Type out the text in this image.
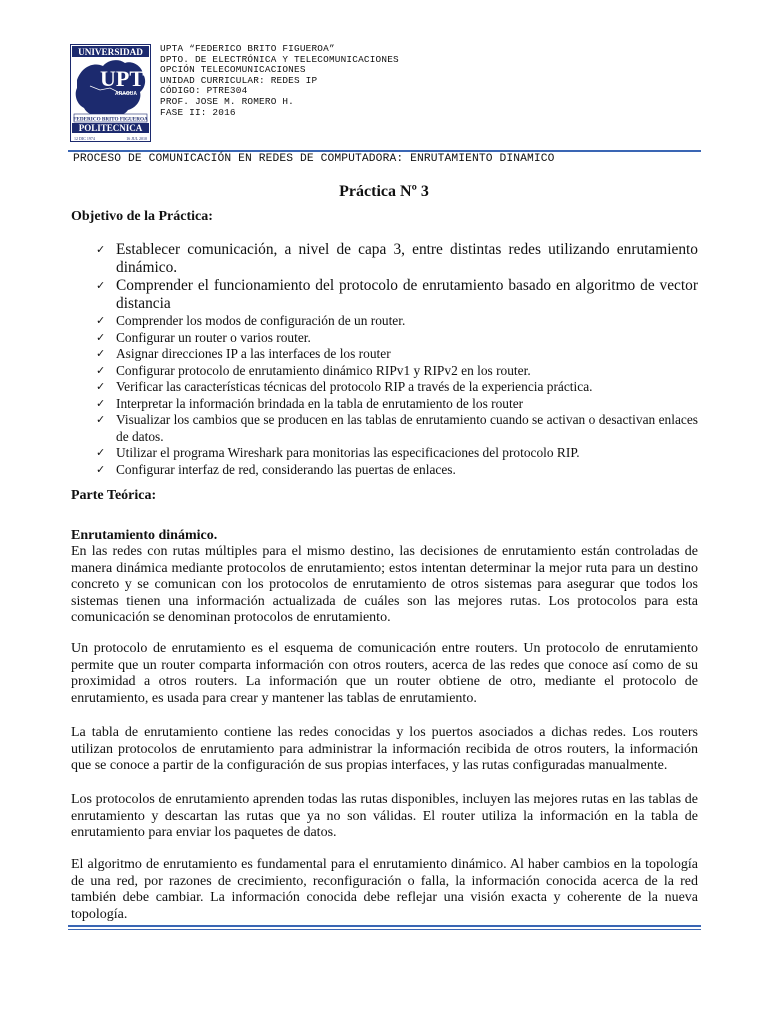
UNIVERSIDAD
UPT
ARAGUA
FEDERICO BRITO FIGUEROA
POLITECNICA
12 DIC 1974	16 JUL 2010
UPTA “FEDERICO BRITO FIGUEROA”
DPTO. DE ELECTRÓNICA Y TELECOMUNICACIONES
OPCIÓN TELECOMUNICACIONES
UNIDAD CURRICULAR: REDES IP
CÓDIGO: PTRE304
PROF. JOSE M. ROMERO H.
FASE II: 2016
PROCESO DE COMUNICACIÓN EN REDES DE COMPUTADORA: ENRUTAMIENTO DINAMICO
Práctica Nº 3
Objetivo de la Práctica:
✓ Establecer comunicación, a nivel de capa 3, entre distintas redes utilizando enrutamiento dinámico.
✓ Comprender el funcionamiento del protocolo de enrutamiento basado en algoritmo de vector distancia
✓ Comprender los modos de configuración de un router.
✓ Configurar un router o varios router.
✓ Asignar direcciones IP a las interfaces de los router
✓ Configurar protocolo de enrutamiento dinámico RIPv1 y RIPv2 en los router.
✓ Verificar las características técnicas del protocolo RIP a través de la experiencia práctica.
✓ Interpretar la información brindada en la tabla de enrutamiento de los router
✓ Visualizar los cambios que se producen en las tablas de enrutamiento cuando se activan o desactivan enlaces de datos.
✓ Utilizar el programa Wireshark para monitorias las especificaciones del protocolo RIP.
✓ Configurar interfaz de red, considerando las puertas de enlaces.
Parte Teórica:
Enrutamiento dinámico.

En las redes con rutas múltiples para el mismo destino, las decisiones de enrutamiento están controladas de manera dinámica mediante protocolos de enrutamiento; estos intentan determinar la mejor ruta para un destino concreto y se comunican con los protocolos de enrutamiento de otros sistemas para asegurar que todos los sistemas tienen una información actualizada de cuáles son las mejores rutas. Los protocolos para esta comunicación se denominan protocolos de enrutamiento.

Un protocolo de enrutamiento es el esquema de comunicación entre routers. Un protocolo de enrutamiento permite que un router comparta información con otros routers, acerca de las redes que conoce así como de su proximidad a otros routers. La información que un router obtiene de otro, mediante el protocolo de enrutamiento, es usada para crear y mantener las tablas de enrutamiento.

La tabla de enrutamiento contiene las redes conocidas y los puertos asociados a dichas redes. Los routers utilizan protocolos de enrutamiento para administrar la información recibida de otros routers, la información que se conoce a partir de la configuración de sus propias interfaces, y las rutas configuradas manualmente.

Los protocolos de enrutamiento aprenden todas las rutas disponibles, incluyen las mejores rutas en las tablas de enrutamiento y descartan las rutas que ya no son válidas. El router utiliza la información en la tabla de enrutamiento para enviar los paquetes de datos.

El algoritmo de enrutamiento es fundamental para el enrutamiento dinámico. Al haber cambios en la topología de una red, por razones de crecimiento, reconfiguración o falla, la información conocida acerca de la red también debe cambiar. La información conocida debe reflejar una visión exacta y coherente de la nueva topología.
